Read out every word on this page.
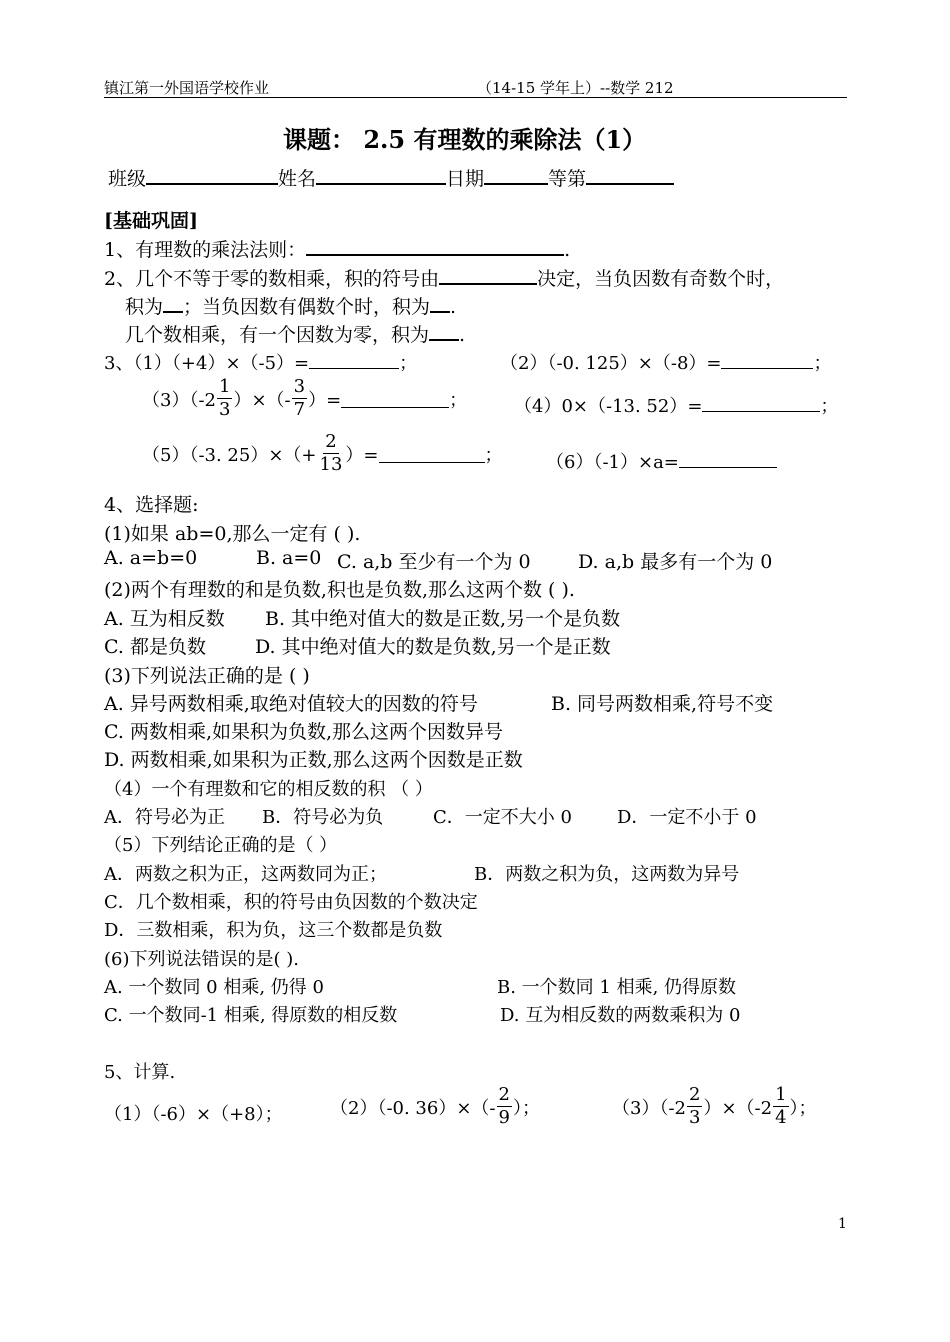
镇江第一外国语学校作业	（14-15 学年上）--数学 212
课题： 2.5 有理数的乘除法（1）
班级	姓名	日期	等第
[基础巩固]
1、有理数的乘法法则：	.
2、几个不等于零的数相乘，积的符号由	决定，当负因数有奇数个时，
积为 ；当负因数有偶数个时，积为 .
几个数相乘，有一个因数为零，积为 .
3、（1）（+4）×（-5）=	；	（2）（-0. 125）×（-8）=	；
$(3)(-2 \frac{1}{3}$ ）×（- $\frac{3}{7}$ ）=	；	（4）0×（-13. 52）=	；
（5）（-3. $25)\times(+ \frac{2}{13}$ ）=	； （6）（-1）×a=
4、选择题:
(1)如果 ab=0,那么一定有 ( ).
A. a=b=0	B. a=0 C. a,b 至少有一个为 0 D. a,b 最多有一个为 0
(2)两个有理数的和是负数,积也是负数,那么这两个数 ( ).
A. 互为相反数 B. 其中绝对值大的数是正数,另一个是负数
C. 都是负数	D. 其中绝对值大的数是负数,另一个是正数
(3)下列说法正确的是 ( )
A. 异号两数相乘,取绝对值较大的因数的符号	B. 同号两数相乘,符号不变
C. 两数相乘,如果积为负数,那么这两个因数异号
D. 两数相乘,如果积为正数,那么这两个因数是正数
（4）一个有理数和它的相反数的积 （ ）
A．符号必为正 B．符号必为负	C．一定不大小 0	D．一定不小于 0
（5）下列结论正确的是（ ）
A．两数之积为正，这两数同为正；	B．两数之积为负，这两数为异号
C．几个数相乘，积的符号由负因数的个数决定
D．三数相乘，积为负，这三个数都是负数
(6)下列说法错误的是( ).
A. 一个数同 0 相乘, 仍得 0	B. 一个数同 1 相乘, 仍得原数
C. 一个数同-1 相乘, 得原数的相反数	D. 互为相反数的两数乘积为 0
5、计算.
（1）（-6）×（+8）；	（2）（-0. $36)\times(- \frac{2}{9}$ ）；	$(3)(-2 \frac{2}{3} )\times(-2 \frac{1}{4}$ ）；
1
